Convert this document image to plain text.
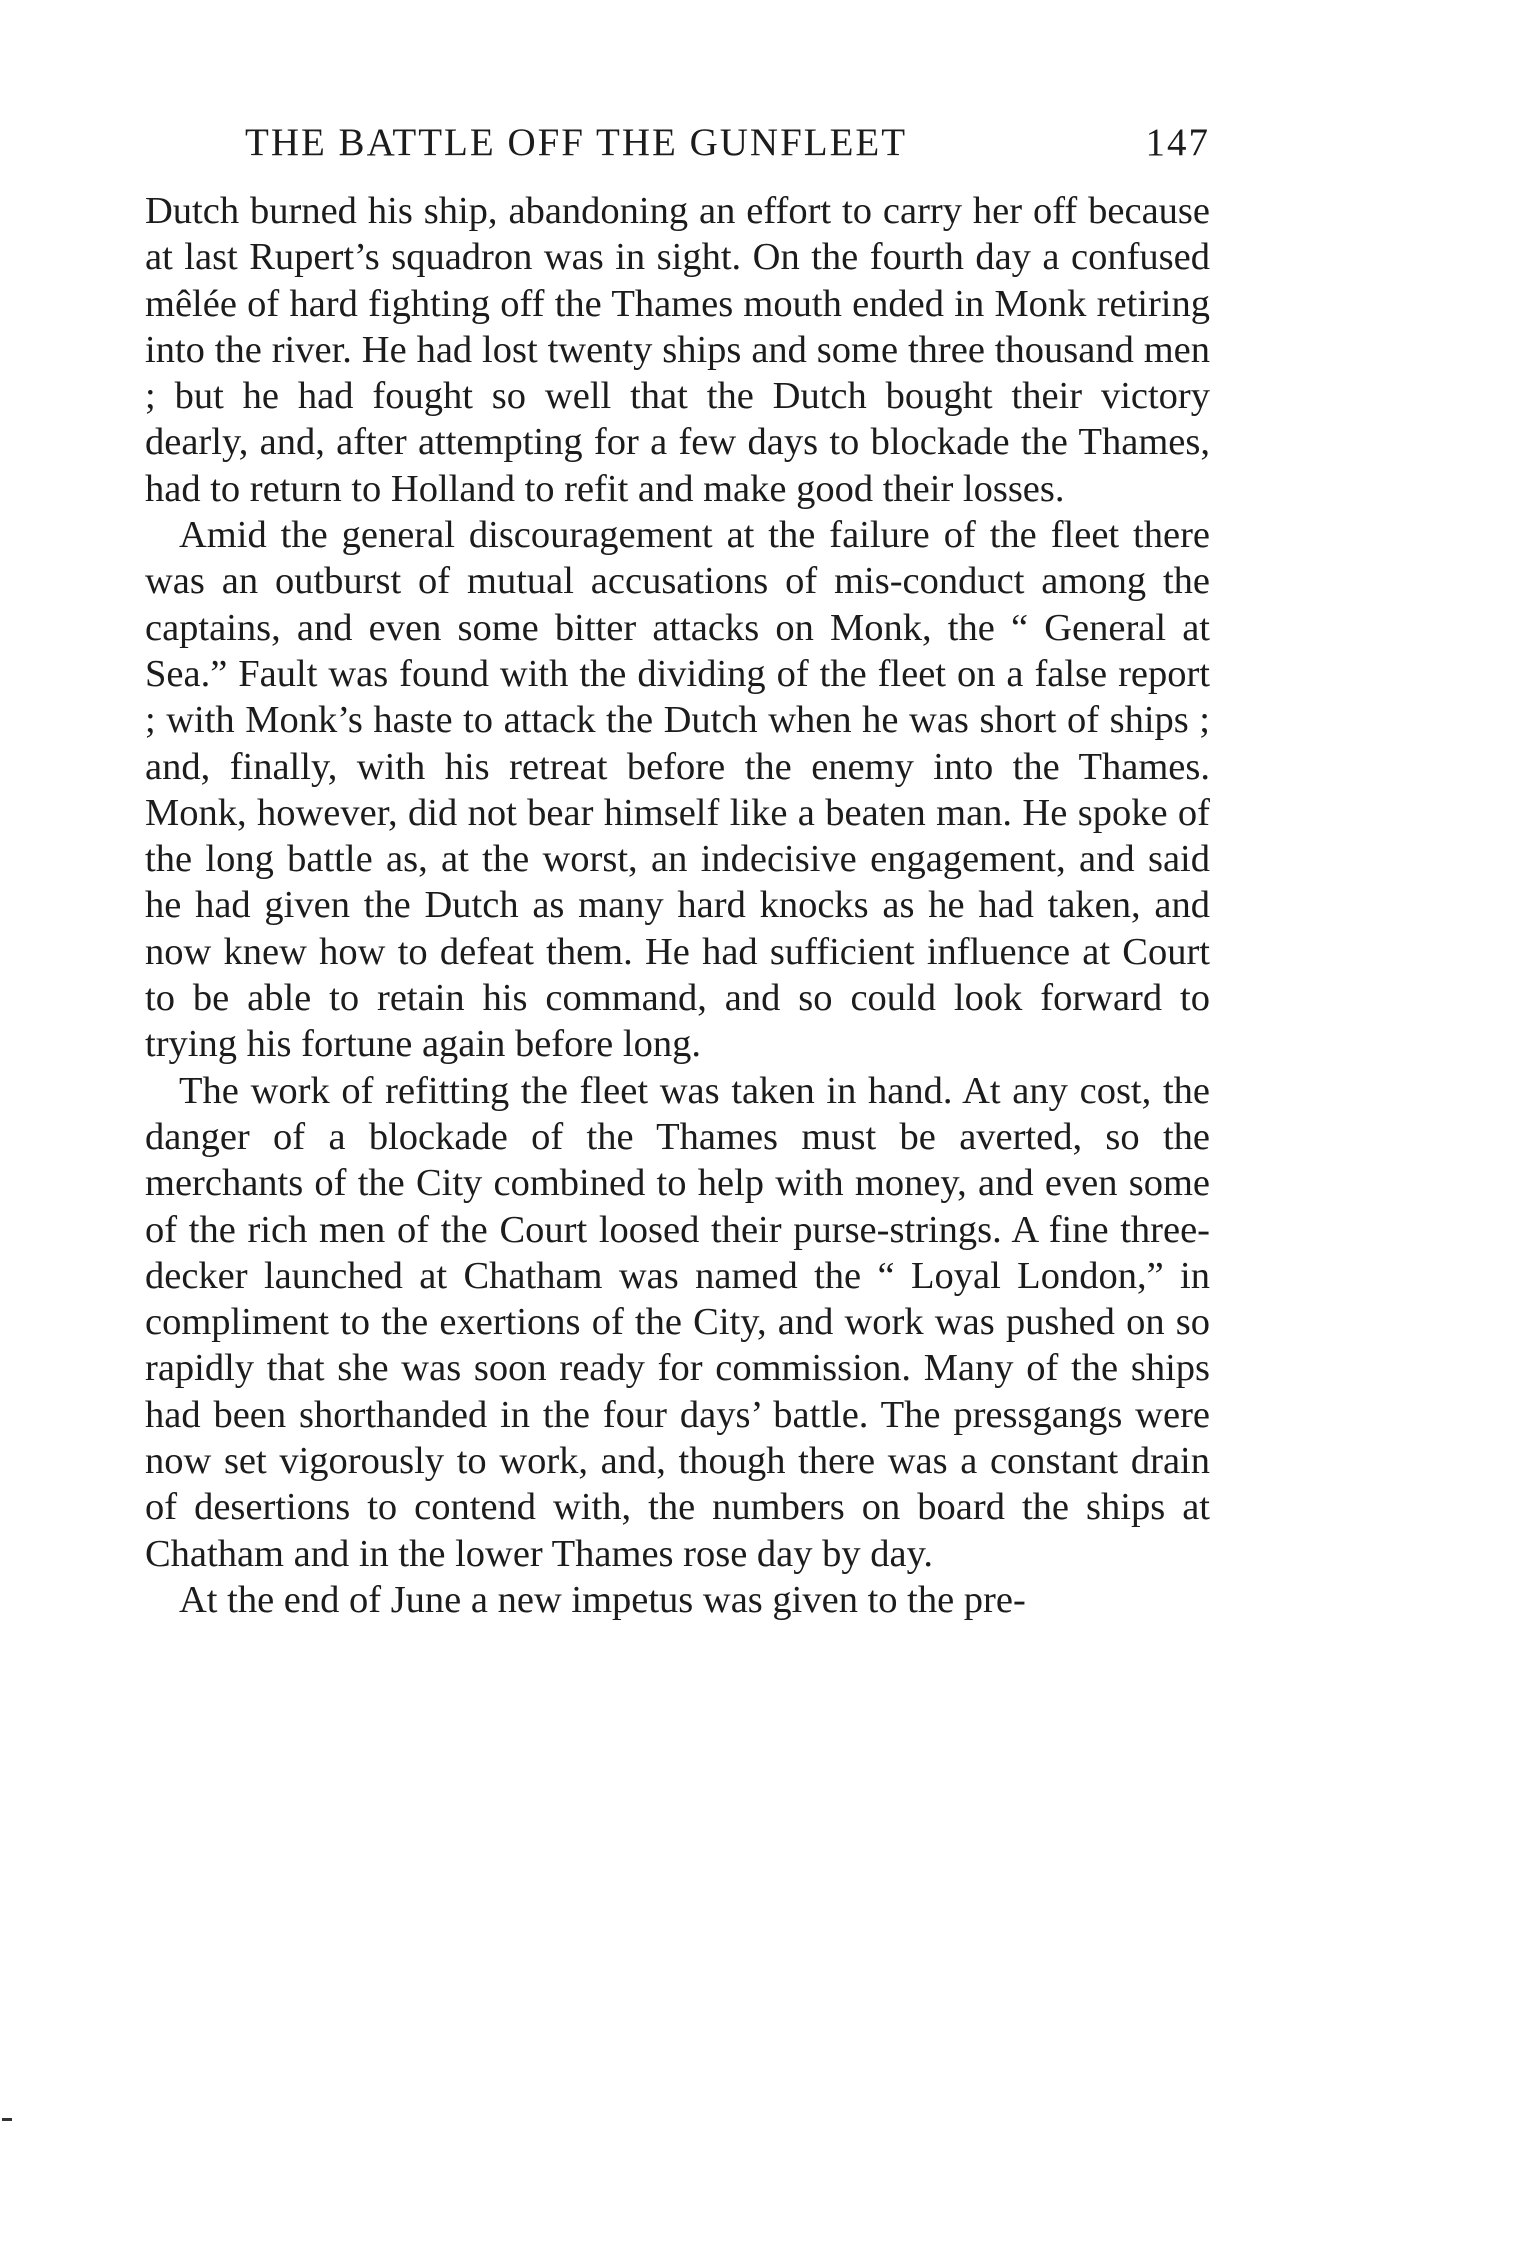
THE BATTLE OFF THE GUNFLEET	147

Dutch burned his ship, abandoning an effort to carry her off because at last Rupert’s squadron was in sight. On the fourth day a confused mêlée of hard fighting off the Thames mouth ended in Monk retiring into the river. He had lost twenty ships and some three thousand men ; but he had fought so well that the Dutch bought their victory dearly, and, after attempting for a few days to blockade the Thames, had to return to Holland to refit and make good their losses.

Amid the general discouragement at the failure of the fleet there was an outburst of mutual accusations of mis-conduct among the captains, and even some bitter attacks on Monk, the “ General at Sea.” Fault was found with the dividing of the fleet on a false report ; with Monk’s haste to attack the Dutch when he was short of ships ; and, finally, with his retreat before the enemy into the Thames. Monk, however, did not bear himself like a beaten man. He spoke of the long battle as, at the worst, an indecisive engagement, and said he had given the Dutch as many hard knocks as he had taken, and now knew how to defeat them. He had sufficient influence at Court to be able to retain his command, and so could look forward to trying his fortune again before long.

The work of refitting the fleet was taken in hand. At any cost, the danger of a blockade of the Thames must be averted, so the merchants of the City combined to help with money, and even some of the rich men of the Court loosed their purse-strings. A fine three-decker launched at Chatham was named the “ Loyal London,” in compliment to the exertions of the City, and work was pushed on so rapidly that she was soon ready for commission. Many of the ships had been shorthanded in the four days’ battle. The pressgangs were now set vigorously to work, and, though there was a constant drain of desertions to contend with, the numbers on board the ships at Chatham and in the lower Thames rose day by day.

At the end of June a new impetus was given to the pre-
